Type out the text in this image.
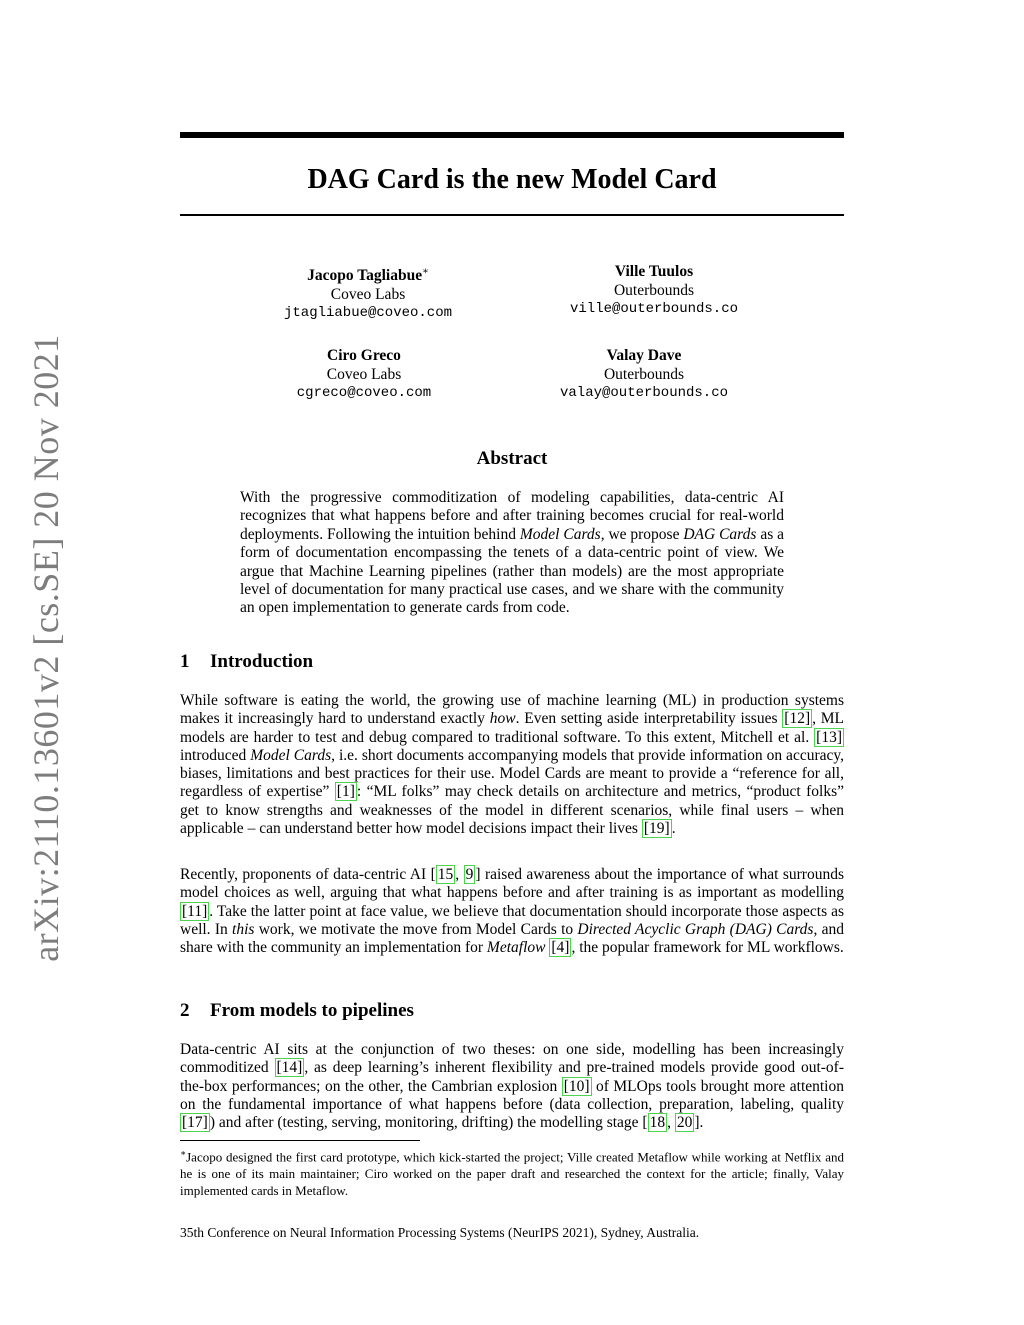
arXiv:2110.13601v2 [cs.SE] 20 Nov 2021
DAG Card is the new Model Card
Jacopo Tagliabue∗
Coveo Labs
jtagliabue@coveo.com
Ville Tuulos
Outerbounds
ville@outerbounds.co
Ciro Greco
Coveo Labs
cgreco@coveo.com
Valay Dave
Outerbounds
valay@outerbounds.co
Abstract

With the progressive commoditization of modeling capabilities, data-centric AI recognizes that what happens before and after training becomes crucial for real-world deployments. Following the intuition behind Model Cards, we propose DAG Cards as a form of documentation encompassing the tenets of a data-centric point of view. We argue that Machine Learning pipelines (rather than models) are the most appropriate level of documentation for many practical use cases, and we share with the community an open implementation to generate cards from code.

1 Introduction

While software is eating the world, the growing use of machine learning (ML) in production systems makes it increasingly hard to understand exactly how. Even setting aside interpretability issues [12] , ML models are harder to test and debug compared to traditional software. To this extent, Mitchell et al. [13] introduced Model Cards, i.e. short documents accompanying models that provide information on accuracy, biases, limitations and best practices for their use. Model Cards are meant to provide a “reference for all, regardless of expertise” [1] : “ML folks” may check details on architecture and metrics, “product folks” get to know strengths and weaknesses of the model in different scenarios, while final users – when applicable – can understand better how model decisions impact their lives [19] .

Recently, proponents of data-centric AI [ 15 , 9 ] raised awareness about the importance of what surrounds model choices as well, arguing that what happens before and after training is as important as modelling [11] . Take the latter point at face value, we believe that documentation should incorporate those aspects as well. In this work, we motivate the move from Model Cards to Directed Acyclic Graph (DAG) Cards, and share with the community an implementation for Metaflow [4] , the popular framework for ML workflows.

2 From models to pipelines

Data-centric AI sits at the conjunction of two theses: on one side, modelling has been increasingly commoditized [14] , as deep learning’s inherent flexibility and pre-trained models provide good out-of-the-box performances; on the other, the Cambrian explosion [10] of MLOps tools brought more attention on the fundamental importance of what happens before (data collection, preparation, labeling, quality [17] ) and after (testing, serving, monitoring, drifting) the modelling stage [ 18 , 20 ].

∗Jacopo designed the first card prototype, which kick-started the project; Ville created Metaflow while working at Netflix and he is one of its main maintainer; Ciro worked on the paper draft and researched the context for the article; finally, Valay implemented cards in Metaflow.

35th Conference on Neural Information Processing Systems (NeurIPS 2021), Sydney, Australia.
